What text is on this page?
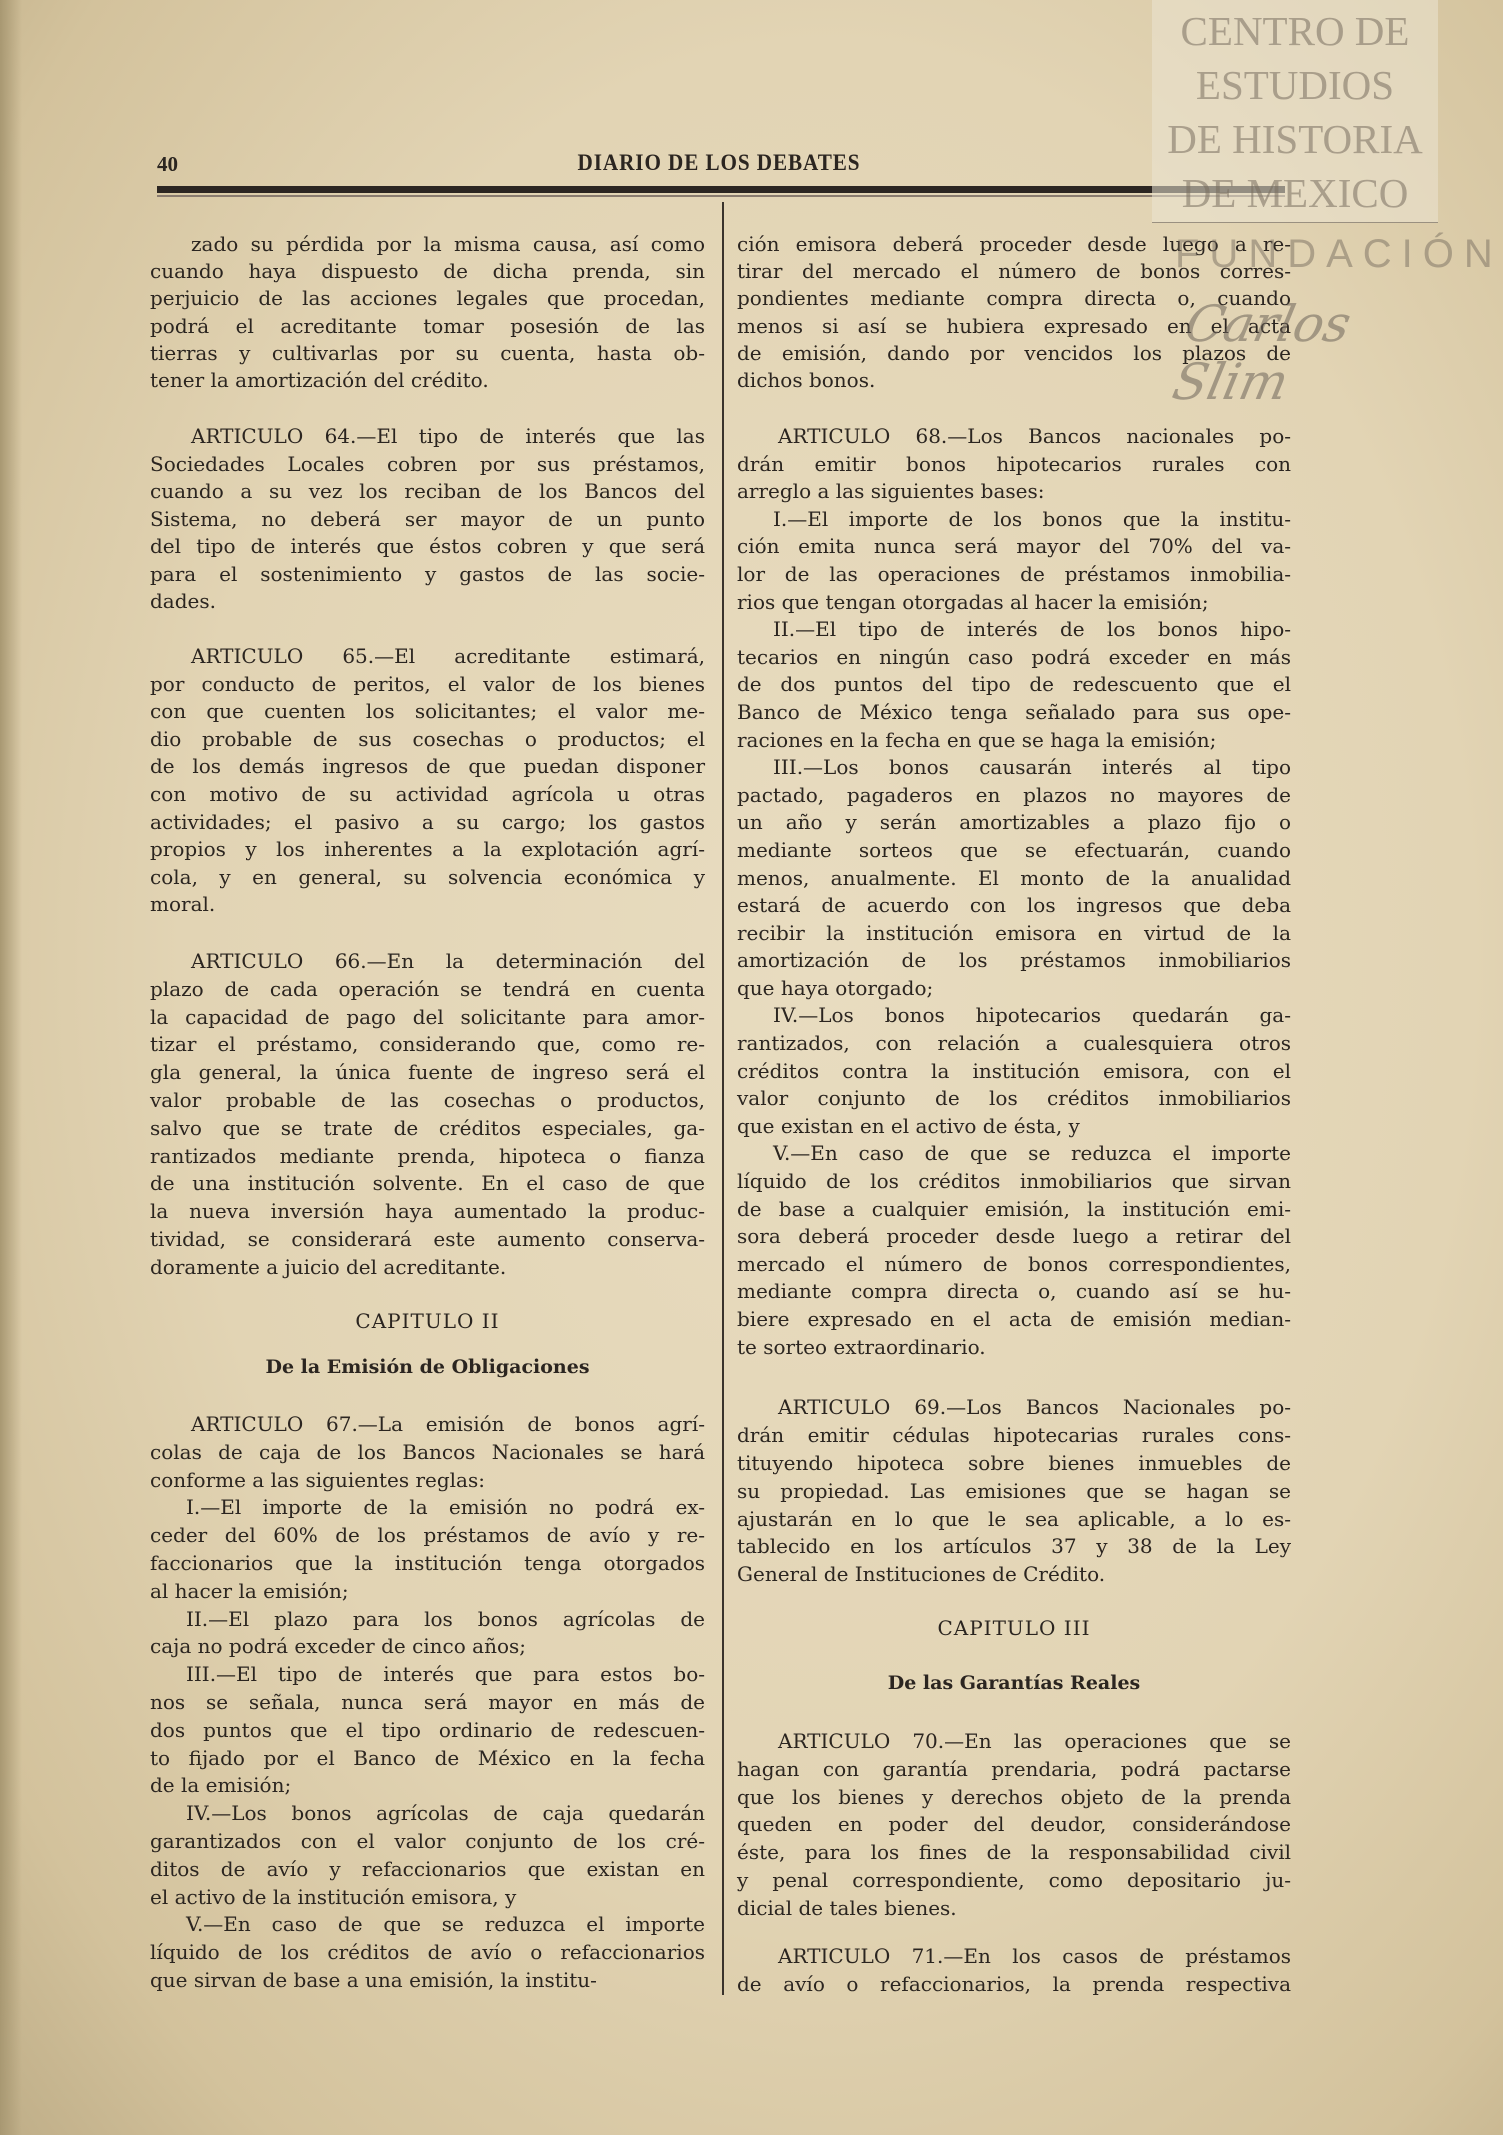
40	DIARIO DE LOS DEBATES
zado su pérdida por la misma causa, así como
cuando haya dispuesto de dicha prenda, sin
perjuicio de las acciones legales que procedan,
podrá el acreditante tomar posesión de las
tierras y cultivarlas por su cuenta, hasta ob-
tener la amortización del crédito.
ARTICULO 64.—El tipo de interés que las
Sociedades Locales cobren por sus préstamos,
cuando a su vez los reciban de los Bancos del
Sistema, no deberá ser mayor de un punto
del tipo de interés que éstos cobren y que será
para el sostenimiento y gastos de las socie-
dades.
ARTICULO 65.—El acreditante estimará,
por conducto de peritos, el valor de los bienes
con que cuenten los solicitantes; el valor me-
dio probable de sus cosechas o productos; el
de los demás ingresos de que puedan disponer
con motivo de su actividad agrícola u otras
actividades; el pasivo a su cargo; los gastos
propios y los inherentes a la explotación agrí-
cola, y en general, su solvencia económica y
moral.
ARTICULO 66.—En la determinación del
plazo de cada operación se tendrá en cuenta
la capacidad de pago del solicitante para amor-
tizar el préstamo, considerando que, como re-
gla general, la única fuente de ingreso será el
valor probable de las cosechas o productos,
salvo que se trate de créditos especiales, ga-
rantizados mediante prenda, hipoteca o fianza
de una institución solvente. En el caso de que
la nueva inversión haya aumentado la produc-
tividad, se considerará este aumento conserva-
doramente a juicio del acreditante.
CAPITULO II
De la Emisión de Obligaciones
ARTICULO 67.—La emisión de bonos agrí-
colas de caja de los Bancos Nacionales se hará
conforme a las siguientes reglas:
I.—El importe de la emisión no podrá ex-
ceder del 60% de los préstamos de avío y re-
faccionarios que la institución tenga otorgados
al hacer la emisión;
II.—El plazo para los bonos agrícolas de
caja no podrá exceder de cinco años;
III.—El tipo de interés que para estos bo-
nos se señala, nunca será mayor en más de
dos puntos que el tipo ordinario de redescuen-
to fijado por el Banco de México en la fecha
de la emisión;
IV.—Los bonos agrícolas de caja quedarán
garantizados con el valor conjunto de los cré-
ditos de avío y refaccionarios que existan en
el activo de la institución emisora, y
V.—En caso de que se reduzca el importe
líquido de los créditos de avío o refaccionarios
que sirvan de base a una emisión, la institu-
ción emisora deberá proceder desde luego a re-
tirar del mercado el número de bonos corres-
pondientes mediante compra directa o, cuando
menos si así se hubiera expresado en el acta
de emisión, dando por vencidos los plazos de
dichos bonos.
ARTICULO 68.—Los Bancos nacionales po-
drán emitir bonos hipotecarios rurales con
arreglo a las siguientes bases:
I.—El importe de los bonos que la institu-
ción emita nunca será mayor del 70% del va-
lor de las operaciones de préstamos inmobilia-
rios que tengan otorgadas al hacer la emisión;
II.—El tipo de interés de los bonos hipo-
tecarios en ningún caso podrá exceder en más
de dos puntos del tipo de redescuento que el
Banco de México tenga señalado para sus ope-
raciones en la fecha en que se haga la emisión;
III.—Los bonos causarán interés al tipo
pactado, pagaderos en plazos no mayores de
un año y serán amortizables a plazo fijo o
mediante sorteos que se efectuarán, cuando
menos, anualmente. El monto de la anualidad
estará de acuerdo con los ingresos que deba
recibir la institución emisora en virtud de la
amortización de los préstamos inmobiliarios
que haya otorgado;
IV.—Los bonos hipotecarios quedarán ga-
rantizados, con relación a cualesquiera otros
créditos contra la institución emisora, con el
valor conjunto de los créditos inmobiliarios
que existan en el activo de ésta, y
V.—En caso de que se reduzca el importe
líquido de los créditos inmobiliarios que sirvan
de base a cualquier emisión, la institución emi-
sora deberá proceder desde luego a retirar del
mercado el número de bonos correspondientes,
mediante compra directa o, cuando así se hu-
biere expresado en el acta de emisión median-
te sorteo extraordinario.
ARTICULO 69.—Los Bancos Nacionales po-
drán emitir cédulas hipotecarias rurales cons-
tituyendo hipoteca sobre bienes inmuebles de
su propiedad. Las emisiones que se hagan se
ajustarán en lo que le sea aplicable, a lo es-
tablecido en los artículos 37 y 38 de la Ley
General de Instituciones de Crédito.
CAPITULO III
De las Garantías Reales
ARTICULO 70.—En las operaciones que se
hagan con garantía prendaria, podrá pactarse
que los bienes y derechos objeto de la prenda
queden en poder del deudor, considerándose
éste, para los fines de la responsabilidad civil
y penal correspondiente, como depositario ju-
dicial de tales bienes.
ARTICULO 71.—En los casos de préstamos
de avío o refaccionarios, la prenda respectiva
CENTRO DE
ESTUDIOS
DE HISTORIA
DE MEXICO
FUNDACIÓN
Carlos Slim
